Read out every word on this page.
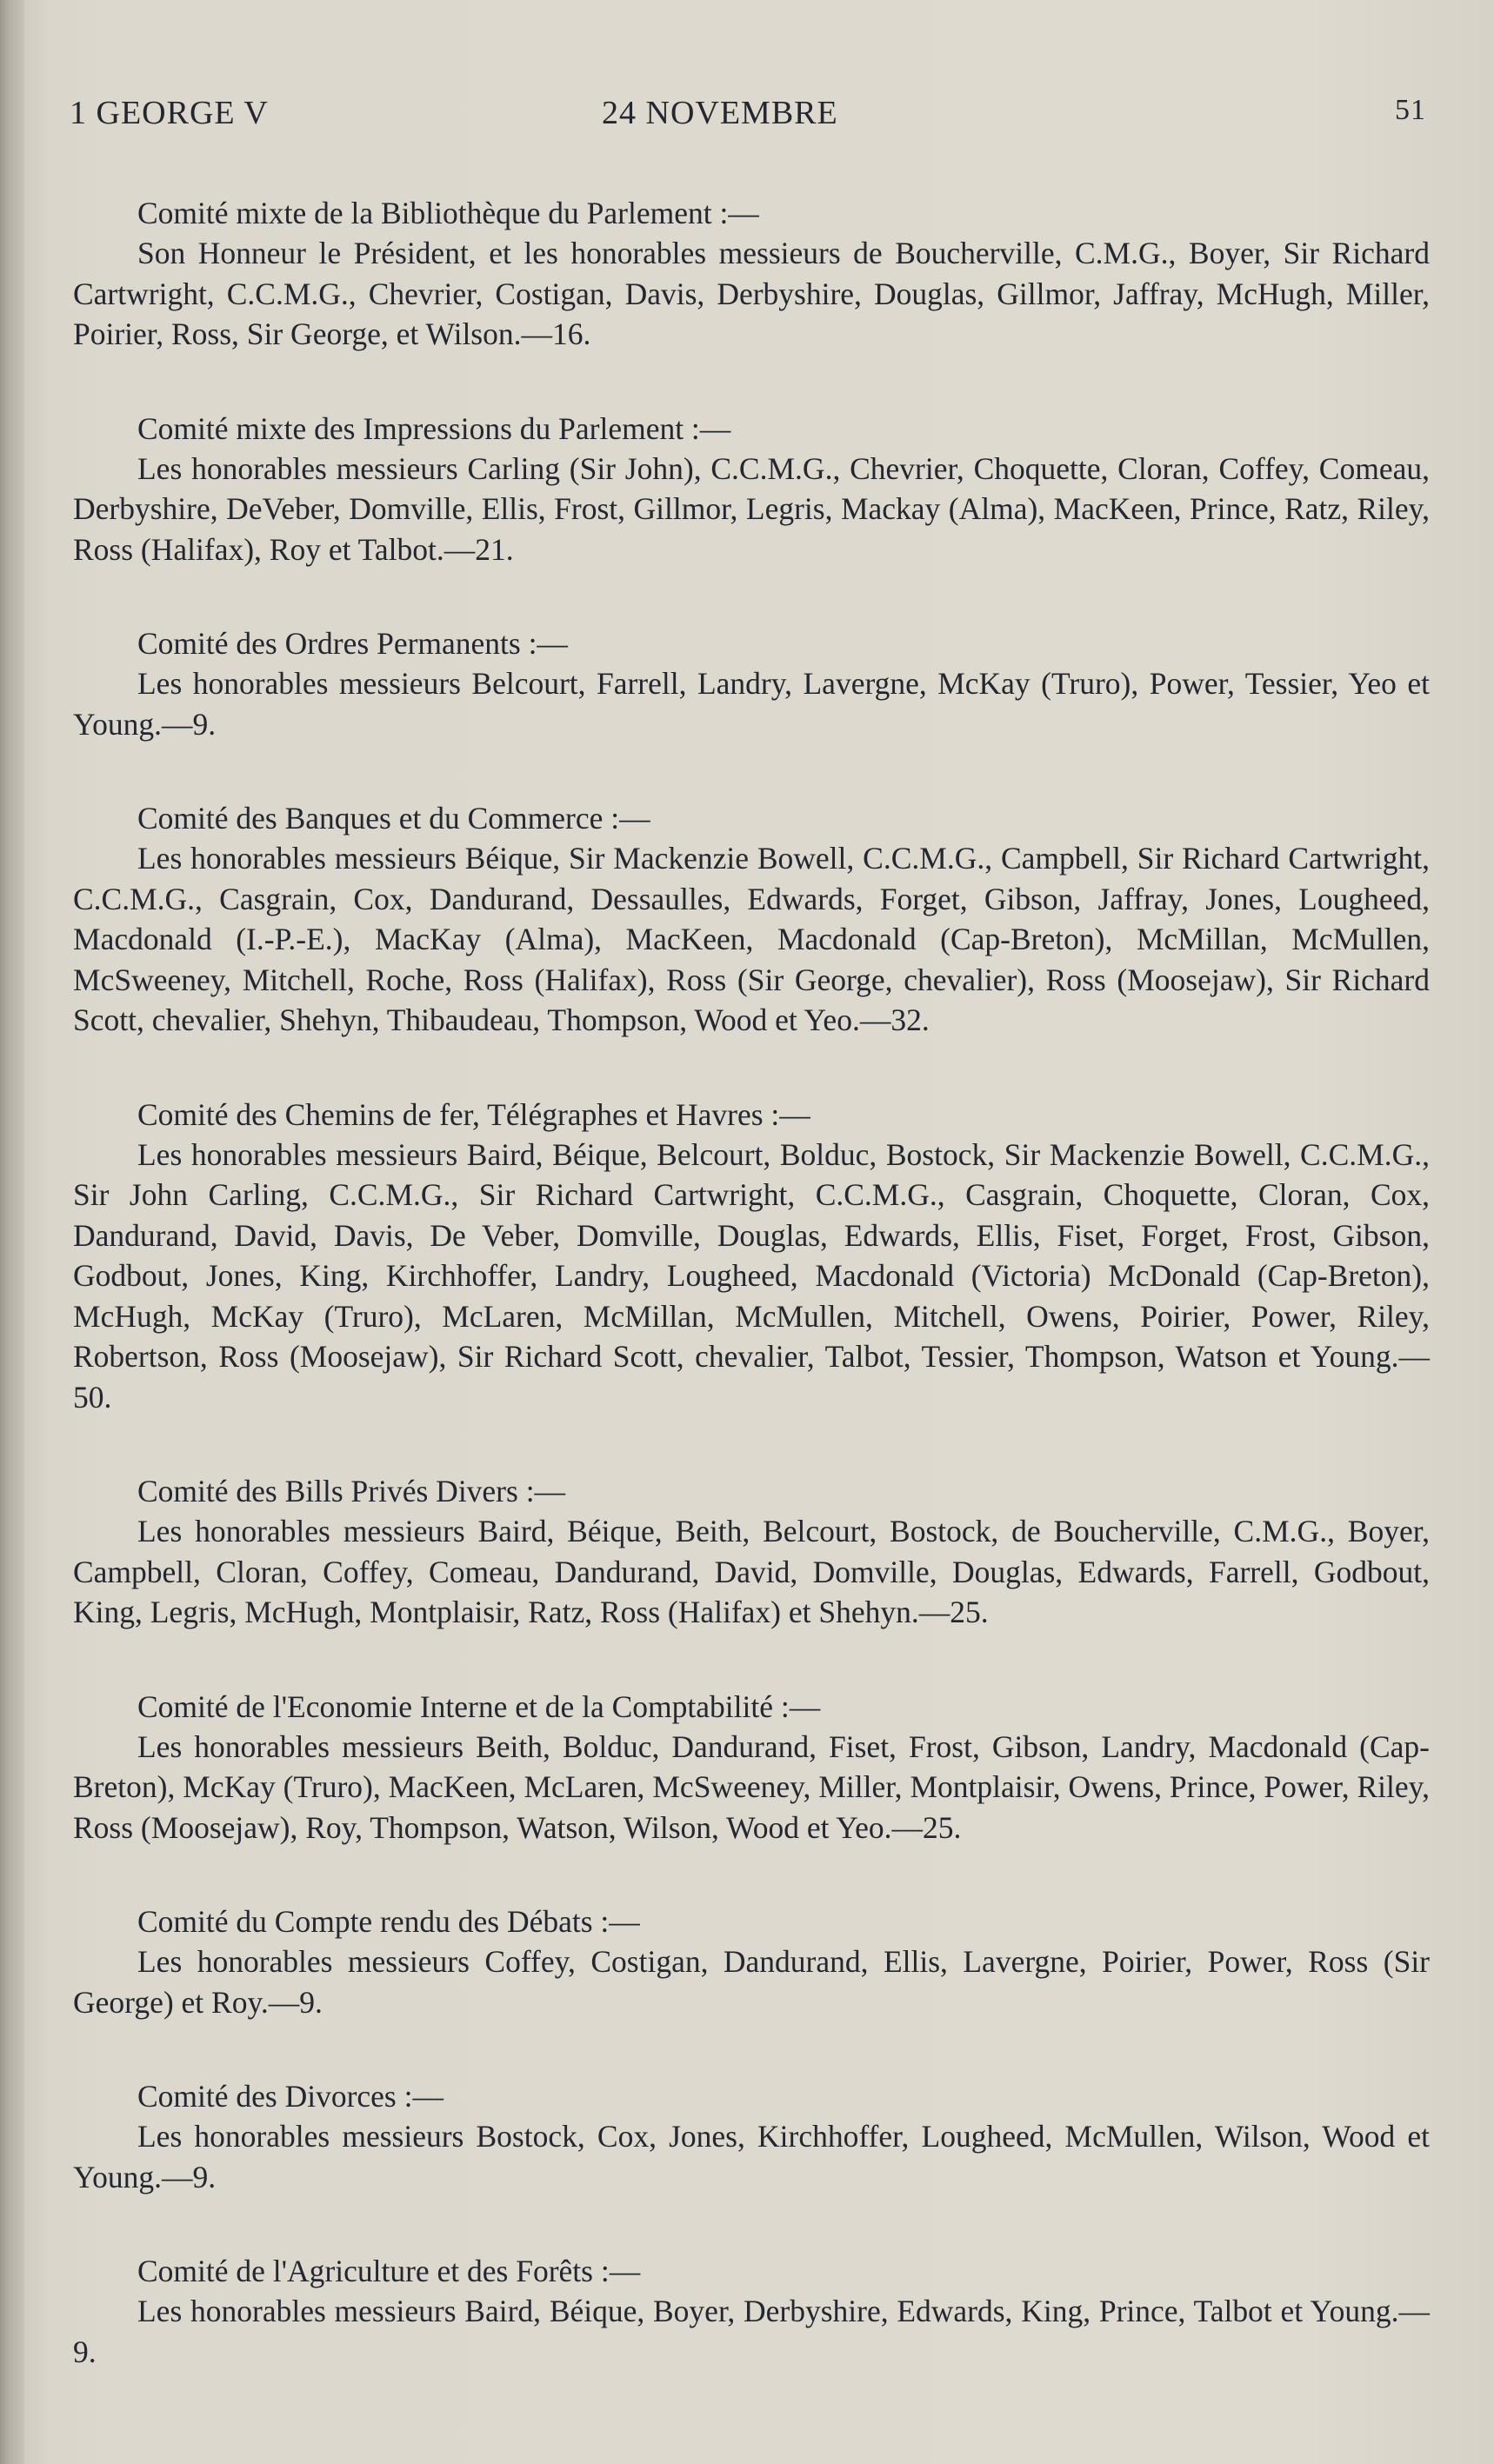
1 GEORGE V	24 NOVEMBRE	51
Comité mixte de la Bibliothèque du Parlement :—
Son Honneur le Président, et les honorables messieurs de Boucherville, C.M.G., Boyer, Sir Richard Cartwright, C.C.M.G., Chevrier, Costigan, Davis, Derbyshire, Douglas, Gillmor, Jaffray, McHugh, Miller, Poirier, Ross, Sir George, et Wilson.—16.
Comité mixte des Impressions du Parlement :—
Les honorables messieurs Carling (Sir John), C.C.M.G., Chevrier, Choquette, Cloran, Coffey, Comeau, Derbyshire, DeVeber, Domville, Ellis, Frost, Gillmor, Legris, Mackay (Alma), MacKeen, Prince, Ratz, Riley, Ross (Halifax), Roy et Talbot.—21.
Comité des Ordres Permanents :—
Les honorables messieurs Belcourt, Farrell, Landry, Lavergne, McKay (Truro), Power, Tessier, Yeo et Young.—9.
Comité des Banques et du Commerce :—
Les honorables messieurs Béique, Sir Mackenzie Bowell, C.C.M.G., Campbell, Sir Richard Cartwright, C.C.M.G., Casgrain, Cox, Dandurand, Dessaulles, Edwards, Forget, Gibson, Jaffray, Jones, Lougheed, Macdonald (I.-P.-E.), MacKay (Alma), MacKeen, Macdonald (Cap-Breton), McMillan, McMullen, McSweeney, Mitchell, Roche, Ross (Halifax), Ross (Sir George, chevalier), Ross (Moosejaw), Sir Richard Scott, chevalier, Shehyn, Thibaudeau, Thompson, Wood et Yeo.—32.
Comité des Chemins de fer, Télégraphes et Havres :—
Les honorables messieurs Baird, Béique, Belcourt, Bolduc, Bostock, Sir Mackenzie Bowell, C.C.M.G., Sir John Carling, C.C.M.G., Sir Richard Cartwright, C.C.M.G., Casgrain, Choquette, Cloran, Cox, Dandurand, David, Davis, De Veber, Domville, Douglas, Edwards, Ellis, Fiset, Forget, Frost, Gibson, Godbout, Jones, King, Kirchhoffer, Landry, Lougheed, Macdonald (Victoria) McDonald (Cap-Breton), McHugh, McKay (Truro), McLaren, McMillan, McMullen, Mitchell, Owens, Poirier, Power, Riley, Robertson, Ross (Moosejaw), Sir Richard Scott, chevalier, Talbot, Tessier, Thompson, Watson et Young.—50.
Comité des Bills Privés Divers :—
Les honorables messieurs Baird, Béique, Beith, Belcourt, Bostock, de Boucherville, C.M.G., Boyer, Campbell, Cloran, Coffey, Comeau, Dandurand, David, Domville, Douglas, Edwards, Farrell, Godbout, King, Legris, McHugh, Montplaisir, Ratz, Ross (Halifax) et Shehyn.—25.
Comité de l'Economie Interne et de la Comptabilité :—
Les honorables messieurs Beith, Bolduc, Dandurand, Fiset, Frost, Gibson, Landry, Macdonald (Cap-Breton), McKay (Truro), MacKeen, McLaren, McSweeney, Miller, Montplaisir, Owens, Prince, Power, Riley, Ross (Moosejaw), Roy, Thompson, Watson, Wilson, Wood et Yeo.—25.
Comité du Compte rendu des Débats :—
Les honorables messieurs Coffey, Costigan, Dandurand, Ellis, Lavergne, Poirier, Power, Ross (Sir George) et Roy.—9.
Comité des Divorces :—
Les honorables messieurs Bostock, Cox, Jones, Kirchhoffer, Lougheed, McMullen, Wilson, Wood et Young.—9.
Comité de l'Agriculture et des Forêts :—
Les honorables messieurs Baird, Béique, Boyer, Derbyshire, Edwards, King, Prince, Talbot et Young.—9.
